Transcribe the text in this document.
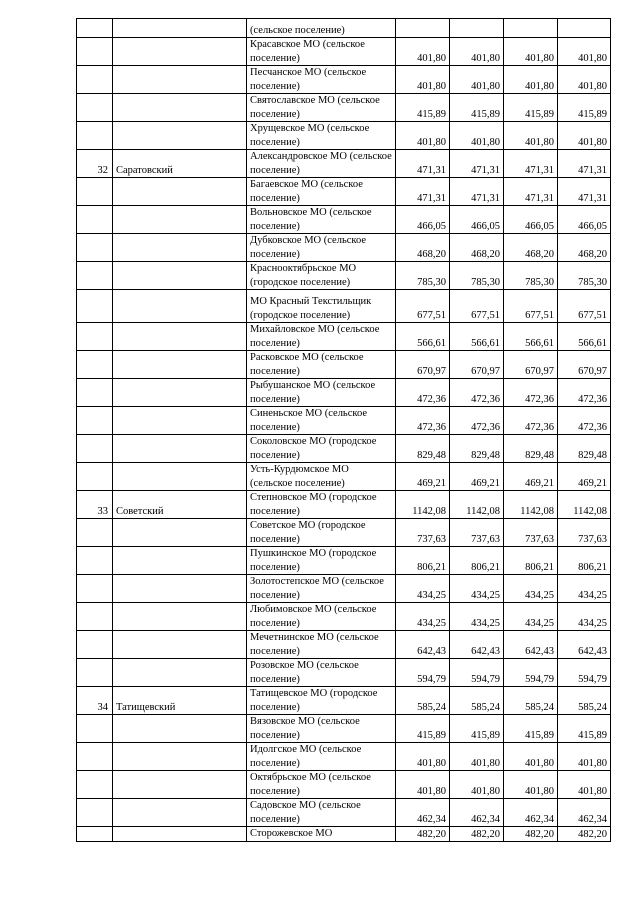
		(сельское поселение)				
		Красавское МО (сельское поселение)	401,80	401,80	401,80	401,80
		Песчанское МО (сельское поселение)	401,80	401,80	401,80	401,80
		Святославское МО (сельское поселение)	415,89	415,89	415,89	415,89
		Хрущевское МО (сельское поселение)	401,80	401,80	401,80	401,80
32	Саратовский	Александровское МО (сельское поселение)	471,31	471,31	471,31	471,31
		Багаевское МО (сельское поселение)	471,31	471,31	471,31	471,31
		Вольновское МО (сельское поселение)	466,05	466,05	466,05	466,05
		Дубковское МО (сельское поселение)	468,20	468,20	468,20	468,20
		Краснооктябрьское МО (городское поселение)	785,30	785,30	785,30	785,30
		МО Красный Текстильщик (городское поселение)	677,51	677,51	677,51	677,51
		Михайловское МО (сельское поселение)	566,61	566,61	566,61	566,61
		Расковское МО (сельское поселение)	670,97	670,97	670,97	670,97
		Рыбушанское МО (сельское поселение)	472,36	472,36	472,36	472,36
		Синеньское МО (сельское поселение)	472,36	472,36	472,36	472,36
		Соколовское МО (городское поселение)	829,48	829,48	829,48	829,48
		Усть-Курдюмское МО (сельское поселение)	469,21	469,21	469,21	469,21
33	Советский	Степновское МО (городское поселение)	1142,08	1142,08	1142,08	1142,08
		Советское МО (городское поселение)	737,63	737,63	737,63	737,63
		Пушкинское МО (городское поселение)	806,21	806,21	806,21	806,21
		Золотостепское МО (сельское поселение)	434,25	434,25	434,25	434,25
		Любимовское МО (сельское поселение)	434,25	434,25	434,25	434,25
		Мечетнинское МО (сельское поселение)	642,43	642,43	642,43	642,43
		Розовское МО (сельское поселение)	594,79	594,79	594,79	594,79
34	Татищевский	Татищевское МО (городское поселение)	585,24	585,24	585,24	585,24
		Вязовское МО (сельское поселение)	415,89	415,89	415,89	415,89
		Идолгское МО (сельское поселение)	401,80	401,80	401,80	401,80
		Октябрьское МО (сельское поселение)	401,80	401,80	401,80	401,80
		Садовское МО (сельское поселение)	462,34	462,34	462,34	462,34
		Сторожевское МО	482,20	482,20	482,20	482,20
